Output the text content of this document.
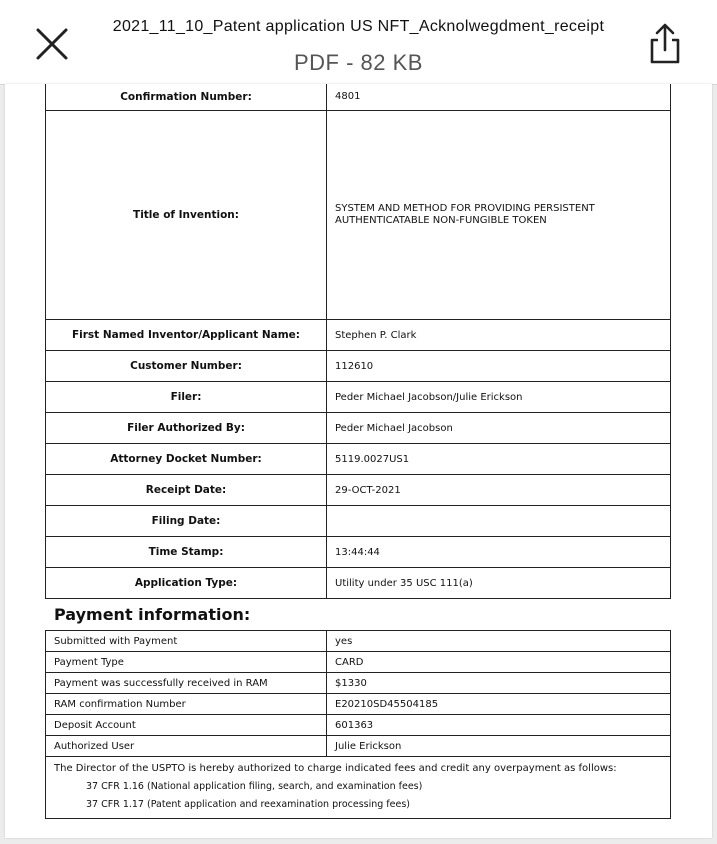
2021_11_10_Patent application US NFT_Acknolwegdment_receipt
PDF - 82 KB
Confirmation Number:	4801
Title of Invention:	SYSTEM AND METHOD FOR PROVIDING PERSISTENT AUTHENTICATABLE NON-FUNGIBLE TOKEN
First Named Inventor/Applicant Name:	Stephen P. Clark
Customer Number:	112610
Filer:	Peder Michael Jacobson/Julie Erickson
Filer Authorized By:	Peder Michael Jacobson
Attorney Docket Number:	5119.0027US1
Receipt Date:	29-OCT-2021
Filing Date:	
Time Stamp:	13:44:44
Application Type:	Utility under 35 USC 111(a)
Payment information:
Submitted with Payment	yes
Payment Type	CARD
Payment was successfully received in RAM	$1330
RAM confirmation Number	E20210SD45504185
Deposit Account	601363
Authorized User	Julie Erickson

The Director of the USPTO is hereby authorized to charge indicated fees and credit any overpayment as follows:
37 CFR 1.16 (National application filing, search, and examination fees)
37 CFR 1.17 (Patent application and reexamination processing fees)	
